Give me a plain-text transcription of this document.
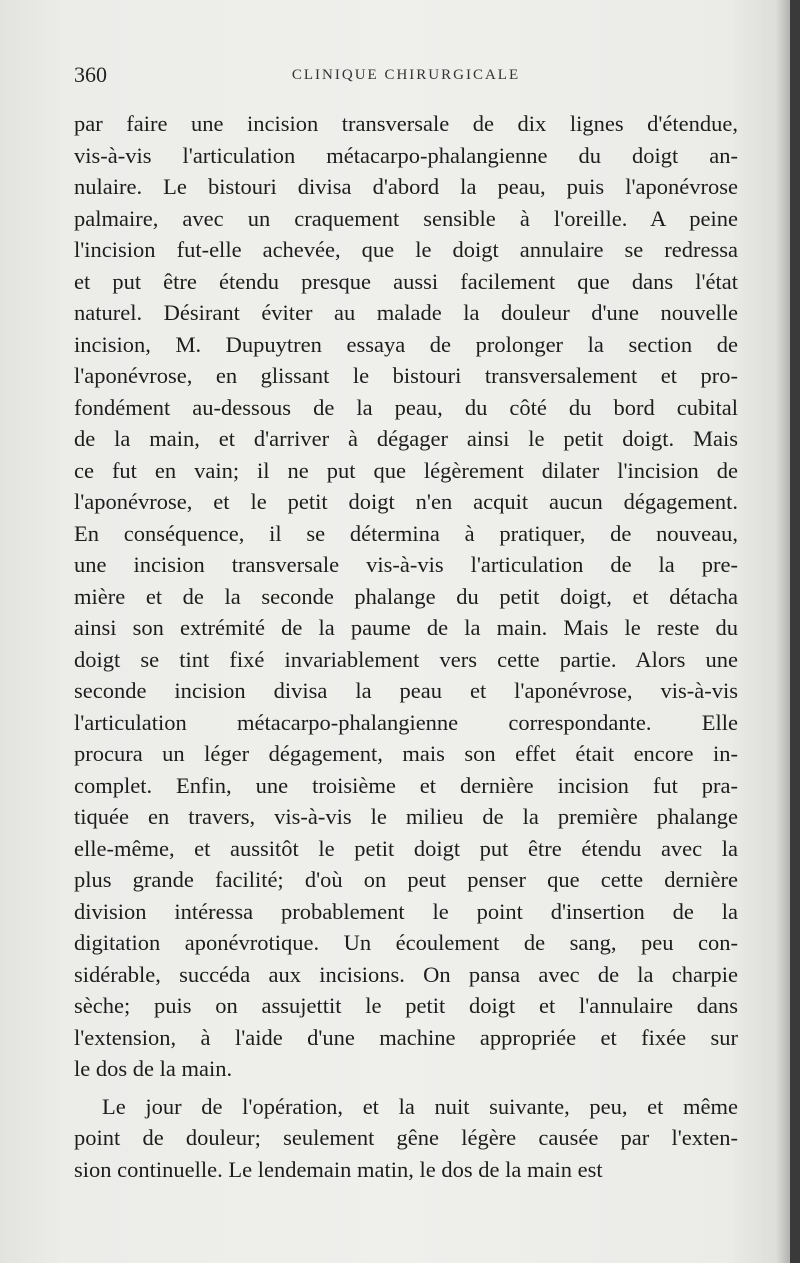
360	CLINIQUE CHIRURGICALE
par faire une incision transversale de dix lignes d'étendue,
vis-à-vis l'articulation métacarpo-phalangienne du doigt an-
nulaire. Le bistouri divisa d'abord la peau, puis l'aponévrose
palmaire, avec un craquement sensible à l'oreille. A peine
l'incision fut-elle achevée, que le doigt annulaire se redressa
et put être étendu presque aussi facilement que dans l'état
naturel. Désirant éviter au malade la douleur d'une nouvelle
incision, M. Dupuytren essaya de prolonger la section de
l'aponévrose, en glissant le bistouri transversalement et pro-
fondément au-dessous de la peau, du côté du bord cubital
de la main, et d'arriver à dégager ainsi le petit doigt. Mais
ce fut en vain; il ne put que légèrement dilater l'incision de
l'aponévrose, et le petit doigt n'en acquit aucun dégagement.
En conséquence, il se détermina à pratiquer, de nouveau,
une incision transversale vis-à-vis l'articulation de la pre-
mière et de la seconde phalange du petit doigt, et détacha
ainsi son extrémité de la paume de la main. Mais le reste du
doigt se tint fixé invariablement vers cette partie. Alors une
seconde incision divisa la peau et l'aponévrose, vis-à-vis
l'articulation métacarpo-phalangienne correspondante. Elle
procura un léger dégagement, mais son effet était encore in-
complet. Enfin, une troisième et dernière incision fut pra-
tiquée en travers, vis-à-vis le milieu de la première phalange
elle-même, et aussitôt le petit doigt put être étendu avec la
plus grande facilité; d'où on peut penser que cette dernière
division intéressa probablement le point d'insertion de la
digitation aponévrotique. Un écoulement de sang, peu con-
sidérable, succéda aux incisions. On pansa avec de la charpie
sèche; puis on assujettit le petit doigt et l'annulaire dans
l'extension, à l'aide d'une machine appropriée et fixée sur
le dos de la main.
Le jour de l'opération, et la nuit suivante, peu, et même
point de douleur; seulement gêne légère causée par l'exten-
sion continuelle. Le lendemain matin, le dos de la main est
